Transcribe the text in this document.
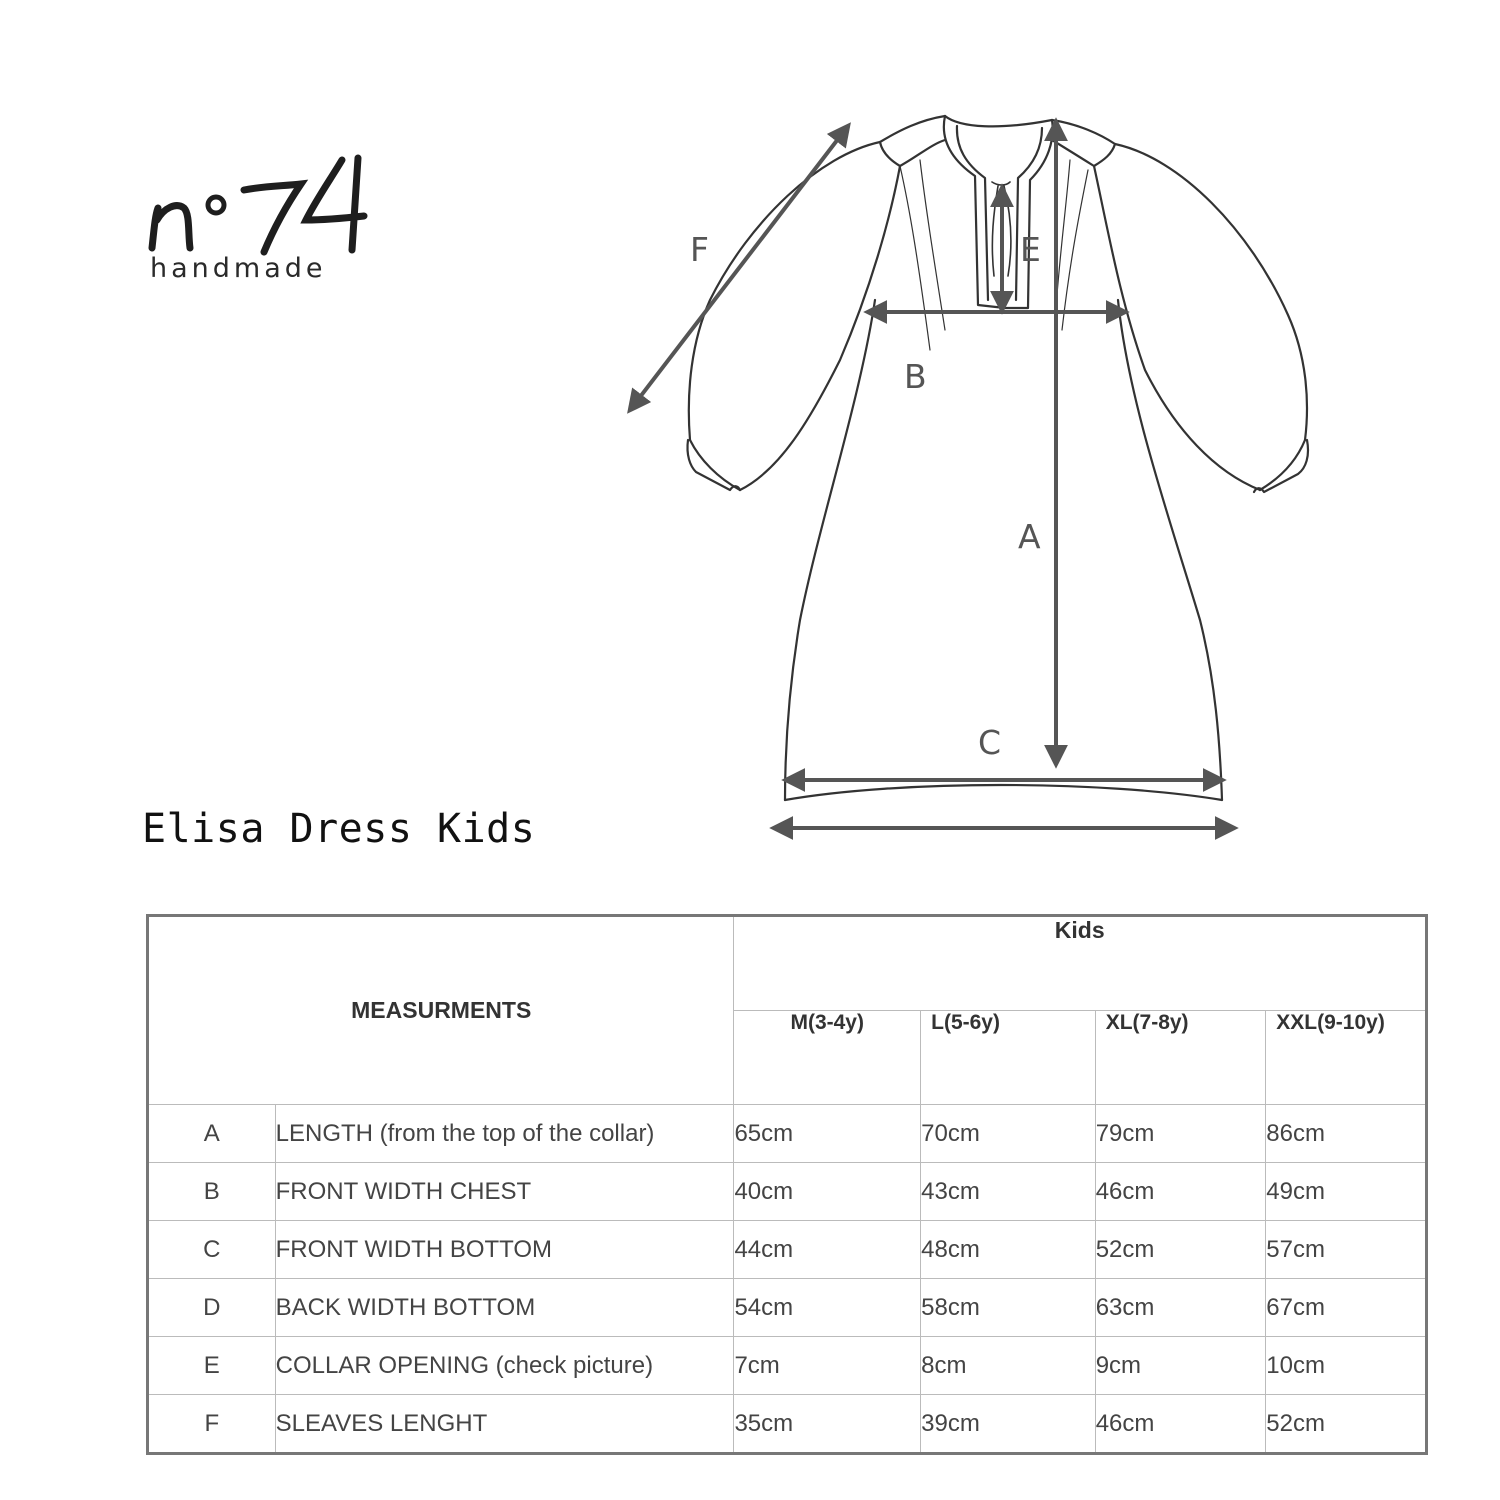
handmade
Elisa Dress Kids
F	E
B
A
C
MEASURMENTS		Kids			
		M(3-4y)	L(5-6y)	XL(7-8y)	XXL(9-10y)
A	LENGTH (from the top of the collar)	65cm	70cm	79cm	86cm
B	FRONT WIDTH CHEST	40cm	43cm	46cm	49cm
C	FRONT WIDTH BOTTOM	44cm	48cm	52cm	57cm
D	BACK WIDTH BOTTOM	54cm	58cm	63cm	67cm
E	COLLAR OPENING (check picture)	7cm	8cm	9cm	10cm
F	SLEAVES LENGHT	35cm	39cm	46cm	52cm
